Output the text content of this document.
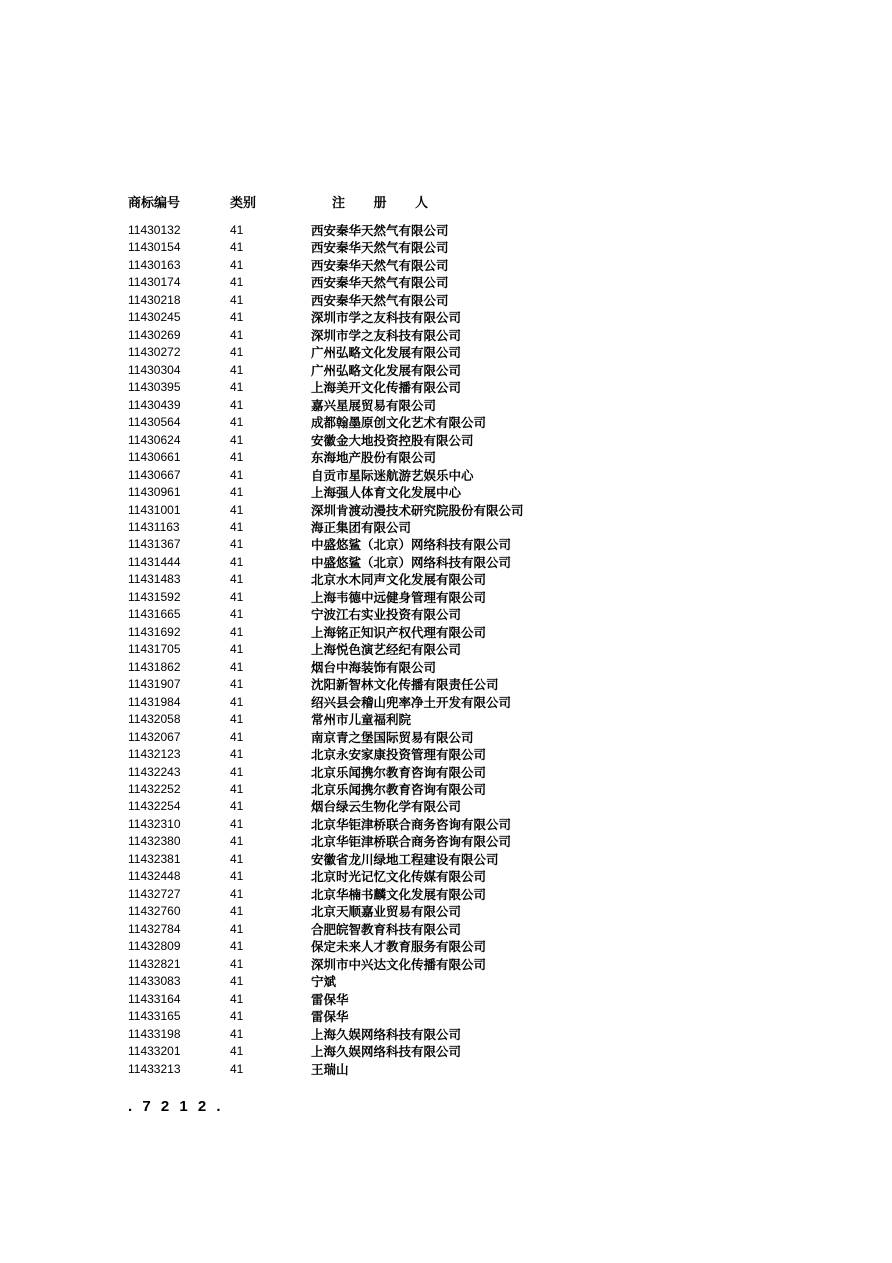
商标编号	类别	注 册 人
11430132	41	西安秦华天然气有限公司
11430154	41	西安秦华天然气有限公司
11430163	41	西安秦华天然气有限公司
11430174	41	西安秦华天然气有限公司
11430218	41	西安秦华天然气有限公司
11430245	41	深圳市学之友科技有限公司
11430269	41	深圳市学之友科技有限公司
11430272	41	广州弘略文化发展有限公司
11430304	41	广州弘略文化发展有限公司
11430395	41	上海美开文化传播有限公司
11430439	41	嘉兴星展贸易有限公司
11430564	41	成都翰墨原创文化艺术有限公司
11430624	41	安徽金大地投资控股有限公司
11430661	41	东海地产股份有限公司
11430667	41	自贡市星际迷航游艺娱乐中心
11430961	41	上海强人体育文化发展中心
11431001	41	深圳肯渡动漫技术研究院股份有限公司
11431163	41	海正集团有限公司
11431367	41	中盛悠鲨（北京）网络科技有限公司
11431444	41	中盛悠鲨（北京）网络科技有限公司
11431483	41	北京水木同声文化发展有限公司
11431592	41	上海韦德中远健身管理有限公司
11431665	41	宁波江右实业投资有限公司
11431692	41	上海铭正知识产权代理有限公司
11431705	41	上海悦色演艺经纪有限公司
11431862	41	烟台中海装饰有限公司
11431907	41	沈阳新智林文化传播有限责任公司
11431984	41	绍兴县会稽山兜率净土开发有限公司
11432058	41	常州市儿童福利院
11432067	41	南京青之堡国际贸易有限公司
11432123	41	北京永安家康投资管理有限公司
11432243	41	北京乐闻携尔教育咨询有限公司
11432252	41	北京乐闻携尔教育咨询有限公司
11432254	41	烟台绿云生物化学有限公司
11432310	41	北京华钜津桥联合商务咨询有限公司
11432380	41	北京华钜津桥联合商务咨询有限公司
11432381	41	安徽省龙川绿地工程建设有限公司
11432448	41	北京时光记忆文化传媒有限公司
11432727	41	北京华楠书麟文化发展有限公司
11432760	41	北京天顺嘉业贸易有限公司
11432784	41	合肥皖智教育科技有限公司
11432809	41	保定未来人才教育服务有限公司
11432821	41	深圳市中兴达文化传播有限公司
11433083	41	宁斌
11433164	41	雷保华
11433165	41	雷保华
11433198	41	上海久娱网络科技有限公司
11433201	41	上海久娱网络科技有限公司
11433213	41	王瑞山
. 7 2 1 2 .
